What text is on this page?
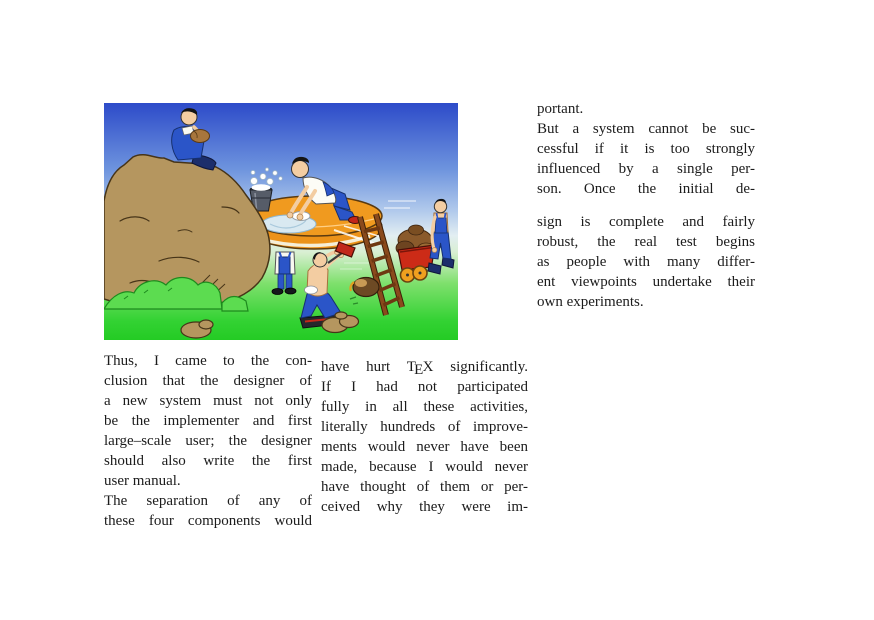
portant.
But a system cannot be suc-
cessful if it is too strongly
influenced by a single per-
son. Once the initial de-
sign is complete and fairly
robust, the real test begins
as people with many differ-
ent viewpoints undertake their
own experiments.
Thus, I came to the con-
clusion that the designer of
a new system must not only
be the implementer and first
large–scale user; the designer
should also write the first
user manual.
The separation of any of
these four components would
have hurt TEX significantly.
If I had not participated
fully in all these activities,
literally hundreds of improve-
ments would never have been
made, because I would never
have thought of them or per-
ceived why they were im-
